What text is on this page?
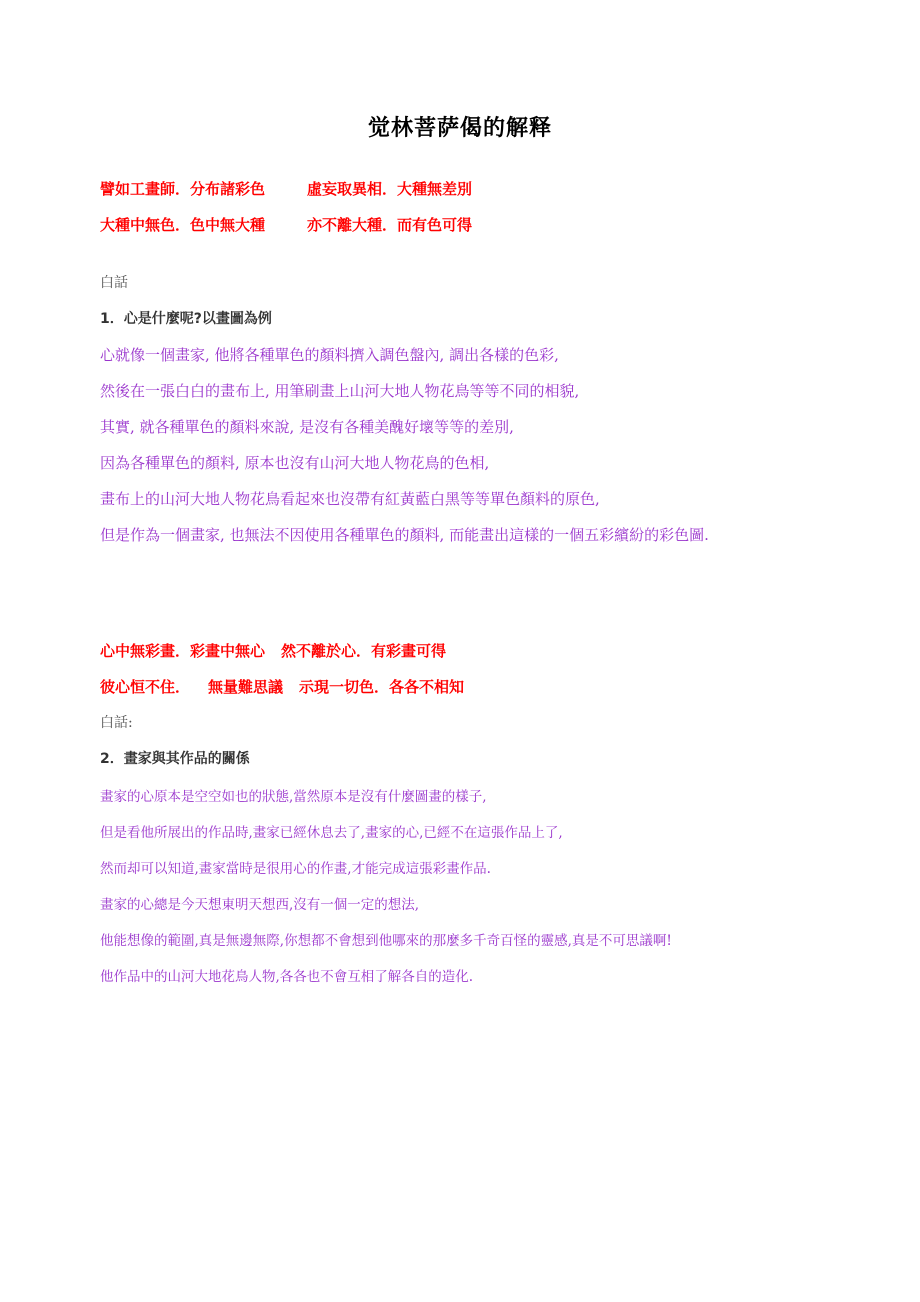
觉林菩萨偈的解释
譬如工畫師．分布諸彩色	虛妄取異相．大種無差別
大種中無色．色中無大種	亦不離大種．而有色可得
白話
1．心是什麼呢?以畫圖為例
心就像一個畫家, 他將各種單色的顏料擠入調色盤內, 調出各樣的色彩,
然後在一張白白的畫布上, 用筆刷畫上山河大地人物花鳥等等不同的相貌,
其實, 就各種單色的顏料來說, 是沒有各種美醜好壞等等的差別,
因為各種單色的顏料, 原本也沒有山河大地人物花鳥的色相,
畫布上的山河大地人物花鳥看起來也沒帶有紅黃藍白黑等等單色顏料的原色,
但是作為一個畫家, 也無法不因使用各種單色的顏料, 而能畫出這樣的一個五彩繽紛的彩色圖.
心中無彩畫．彩畫中無心 然不離於心．有彩畫可得
彼心恒不住． 無量難思議 示現一切色．各各不相知
白話:
2．畫家與其作品的關係
畫家的心原本是空空如也的狀態,當然原本是沒有什麼圖畫的樣子,
但是看他所展出的作品時,畫家已經休息去了,畫家的心,已經不在這張作品上了,
然而却可以知道,畫家當時是很用心的作畫,才能完成這張彩畫作品.
畫家的心總是今天想東明天想西,沒有一個一定的想法,
他能想像的範圍,真是無邊無際,你想都不會想到他哪來的那麼多千奇百怪的靈感,真是不可思議啊!
他作品中的山河大地花鳥人物,各各也不會互相了解各自的造化.
